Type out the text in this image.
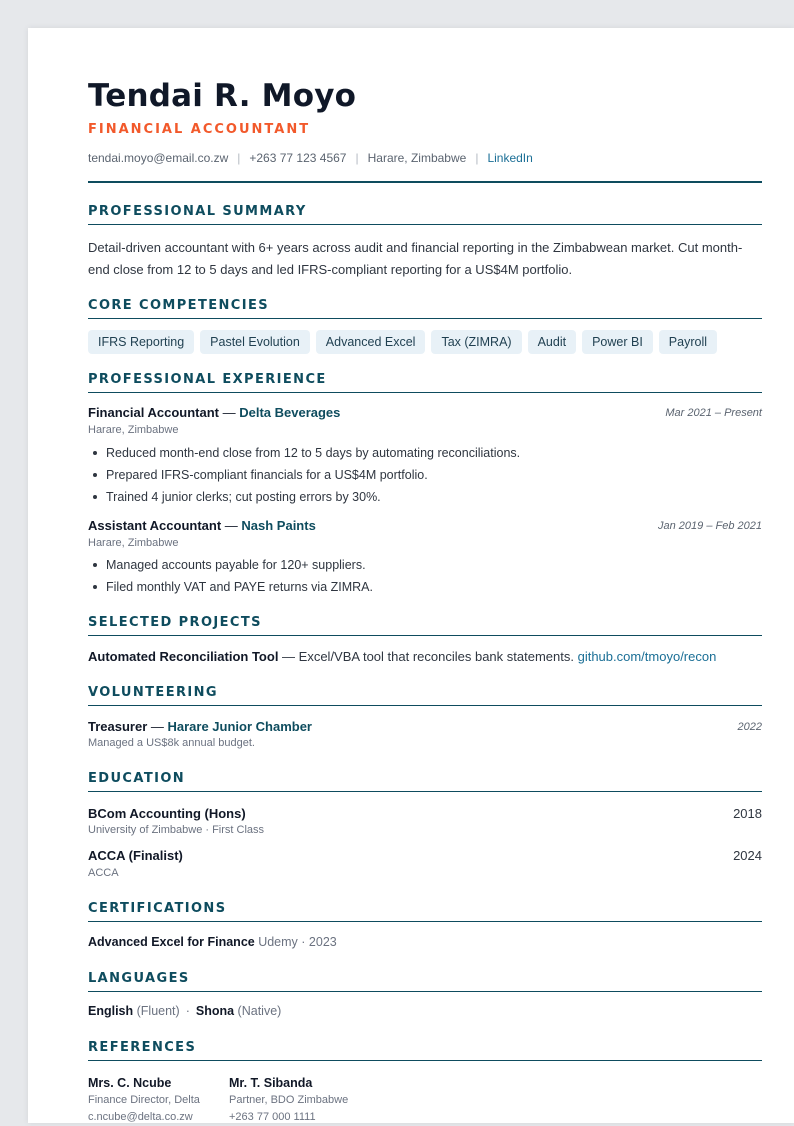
Tendai R. Moyo
FINANCIAL ACCOUNTANT
tendai.moyo@email.co.zw | +263 77 123 4567 | Harare, Zimbabwe | LinkedIn
PROFESSIONAL SUMMARY
Detail-driven accountant with 6+ years across audit and financial reporting in the Zimbabwean market. Cut month-end close from 12 to 5 days and led IFRS-compliant reporting for a US$4M portfolio.
CORE COMPETENCIES
IFRS Reporting Pastel Evolution Advanced Excel Tax (ZIMRA) Audit Power BI Payroll
PROFESSIONAL EXPERIENCE
Financial Accountant — Delta Beverages	Mar 2021 – Present
Harare, Zimbabwe
Reduced month-end close from 12 to 5 days by automating reconciliations.
Prepared IFRS-compliant financials for a US$4M portfolio.
Trained 4 junior clerks; cut posting errors by 30%.
Assistant Accountant — Nash Paints	Jan 2019 – Feb 2021
Harare, Zimbabwe
Managed accounts payable for 120+ suppliers.
Filed monthly VAT and PAYE returns via ZIMRA.
SELECTED PROJECTS
Automated Reconciliation Tool — Excel/VBA tool that reconciles bank statements. github.com/tmoyo/recon
VOLUNTEERING
Treasurer — Harare Junior Chamber	2022
Managed a US$8k annual budget.
EDUCATION
BCom Accounting (Hons)	2018
University of Zimbabwe · First Class
ACCA (Finalist)	2024
ACCA
CERTIFICATIONS
Advanced Excel for Finance Udemy · 2023
LANGUAGES
English (Fluent) · Shona (Native)
REFERENCES
Mrs. C. Ncube
Finance Director, Delta
c.ncube@delta.co.zw
Mr. T. Sibanda
Partner, BDO Zimbabwe
+263 77 000 1111
